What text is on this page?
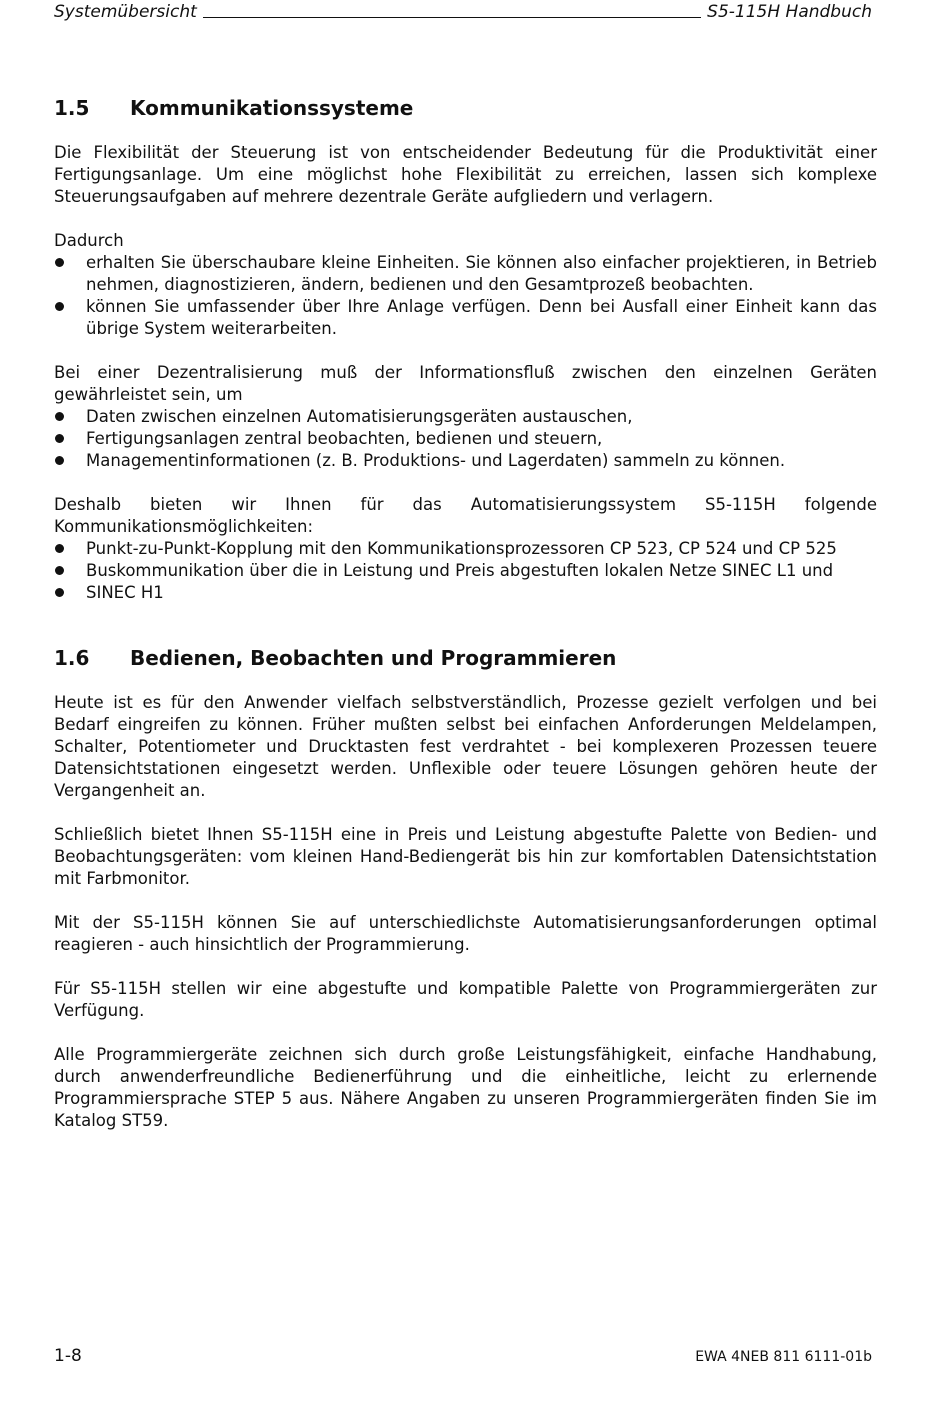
Systemübersicht	S5-115H Handbuch
1.5	Kommunikationssysteme

Die Flexibilität der Steuerung ist von entscheidender Bedeutung für die Produktivität einer Fertigungsanlage. Um eine möglichst hohe Flexibilität zu erreichen, lassen sich komplexe Steuerungsaufgaben auf mehrere dezentrale Geräte aufgliedern und verlagern.

Dadurch

erhalten Sie überschaubare kleine Einheiten. Sie können also einfacher projektieren, in Betrieb nehmen, diagnostizieren, ändern, bedienen und den Gesamtprozeß beobachten.
können Sie umfassender über Ihre Anlage verfügen. Denn bei Ausfall einer Einheit kann das übrige System weiterarbeiten.

Bei einer Dezentralisierung muß der Informationsfluß zwischen den einzelnen Geräten gewährleistet sein, um

Daten zwischen einzelnen Automatisierungsgeräten austauschen,
Fertigungsanlagen zentral beobachten, bedienen und steuern,
Managementinformationen (z. B. Produktions- und Lagerdaten) sammeln zu können.

Deshalb bieten wir Ihnen für das Automatisierungssystem S5-115H folgende Kommunikationsmöglichkeiten:

Punkt-zu-Punkt-Kopplung mit den Kommunikationsprozessoren CP 523, CP 524 und CP 525
Buskommunikation über die in Leistung und Preis abgestuften lokalen Netze SINEC L1 und
SINEC H1
1.6	Bedienen, Beobachten und Programmieren

Heute ist es für den Anwender vielfach selbstverständlich, Prozesse gezielt verfolgen und bei Bedarf eingreifen zu können. Früher mußten selbst bei einfachen Anforderungen Meldelampen, Schalter, Potentiometer und Drucktasten fest verdrahtet - bei komplexeren Prozessen teuere Datensichtstationen eingesetzt werden. Unflexible oder teuere Lösungen gehören heute der Vergangenheit an.

Schließlich bietet Ihnen S5-115H eine in Preis und Leistung abgestufte Palette von Bedien- und Beobachtungsgeräten: vom kleinen Hand-Bediengerät bis hin zur komfortablen Datensichtstation mit Farbmonitor.

Mit der S5-115H können Sie auf unterschiedlichste Automatisierungsanforderungen optimal reagieren - auch hinsichtlich der Programmierung.

Für S5-115H stellen wir eine abgestufte und kompatible Palette von Programmiergeräten zur Verfügung.

Alle Programmiergeräte zeichnen sich durch große Leistungsfähigkeit, einfache Handhabung, durch anwenderfreundliche Bedienerführung und die einheitliche, leicht zu erlernende Programmiersprache STEP 5 aus. Nähere Angaben zu unseren Programmiergeräten finden Sie im Katalog ST59.

1-8	EWA 4NEB 811 6111-01b
